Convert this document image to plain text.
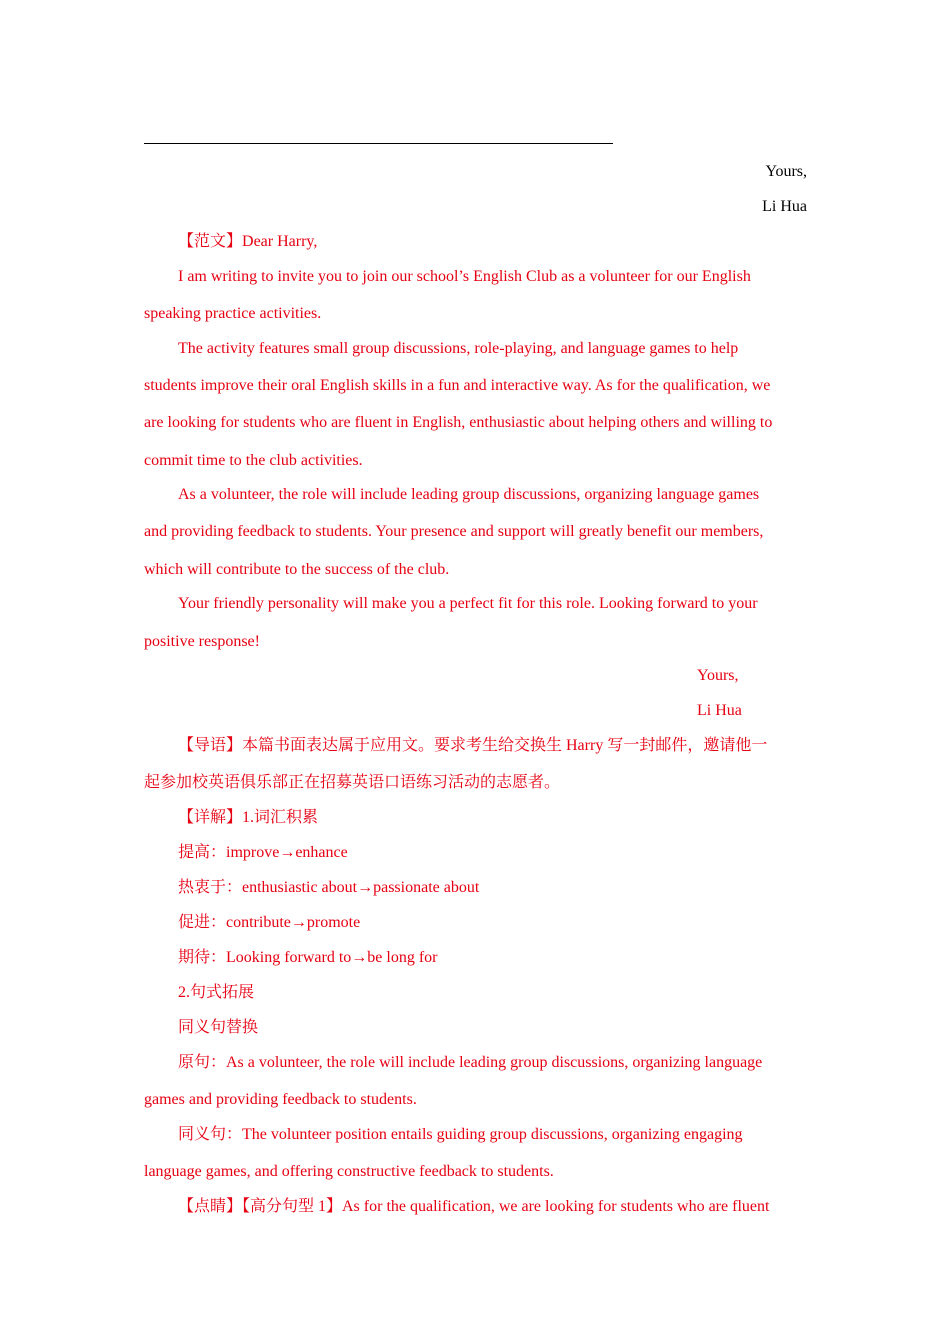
Yours,
Li Hua
【范文】Dear Harry,
I am writing to invite you to join our school’s English Club as a volunteer for our English
speaking practice activities.
The activity features small group discussions, role-playing, and language games to help
students improve their oral English skills in a fun and interactive way. As for the qualification, we
are looking for students who are fluent in English, enthusiastic about helping others and willing to
commit time to the club activities.
As a volunteer, the role will include leading group discussions, organizing language games
and providing feedback to students. Your presence and support will greatly benefit our members,
which will contribute to the success of the club.
Your friendly personality will make you a perfect fit for this role. Looking forward to your
positive response!
Yours,
Li Hua
【导语】本篇书面表达属于应用文。要求考生给交换生 Harry 写一封邮件，邀请他一
起参加校英语俱乐部正在招募英语口语练习活动的志愿者。
【详解】1.词汇积累
提高：improve→enhance
热衷于：enthusiastic about→passionate about
促进：contribute→promote
期待：Looking forward to→be long for
2.句式拓展
同义句替换
原句：As a volunteer, the role will include leading group discussions, organizing language
games and providing feedback to students.
同义句：The volunteer position entails guiding group discussions, organizing engaging
language games, and offering constructive feedback to students.
【点睛】【高分句型 1】As for the qualification, we are looking for students who are fluent
